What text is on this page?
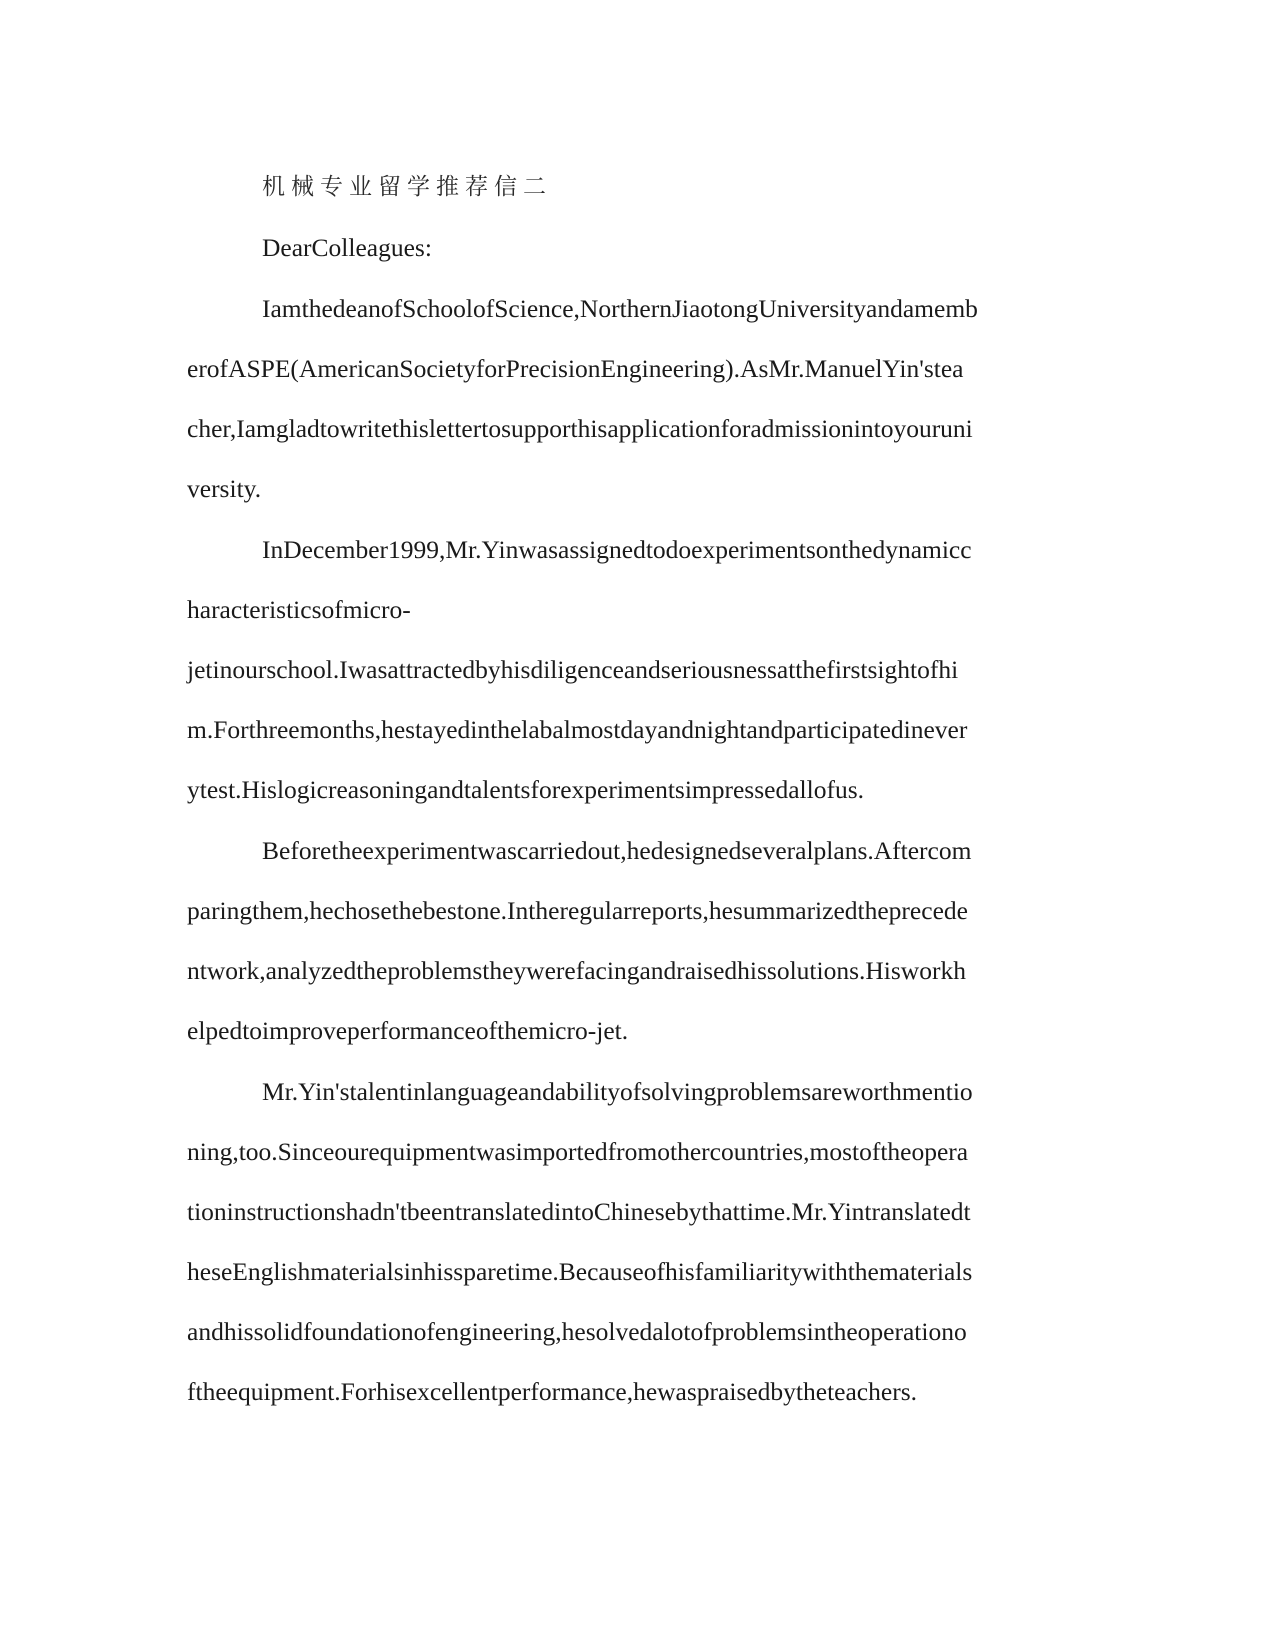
机械专业留学推荐信二

DearColleagues:

IamthedeanofSchoolofScience,NorthernJiaotongUniversityandamemb

erofASPE(AmericanSocietyforPrecisionEngineering).AsMr.ManuelYin'stea

cher,Iamgladtowritethislettertosupporthisapplicationforadmissionintoyouruni

versity.

InDecember1999,Mr.Yinwasassignedtodoexperimentsonthedynamicc

haracteristicsofmicro-

jetinourschool.Iwasattractedbyhisdiligenceandseriousnessatthefirstsightofhi

m.Forthreemonths,hestayedinthelabalmostdayandnightandparticipatedinever

ytest.Hislogicreasoningandtalentsforexperimentsimpressedallofus.

Beforetheexperimentwascarriedout,hedesignedseveralplans.Aftercom

paringthem,hechosethebestone.Intheregularreports,hesummarizedtheprecede

ntwork,analyzedtheproblemstheywerefacingandraisedhissolutions.Hisworkh

elpedtoimproveperformanceofthemicro-jet.

Mr.Yin'stalentinlanguageandabilityofsolvingproblemsareworthmentio

ning,too.Sinceourequipmentwasimportedfromothercountries,mostoftheopera

tioninstructionshadn'tbeentranslatedintoChinesebythattime.Mr.Yintranslatedt

heseEnglishmaterialsinhissparetime.Becauseofhisfamiliaritywiththematerials

andhissolidfoundationofengineering,hesolvedalotofproblemsintheoperationo

ftheequipment.Forhisexcellentperformance,hewaspraisedbytheteachers.
